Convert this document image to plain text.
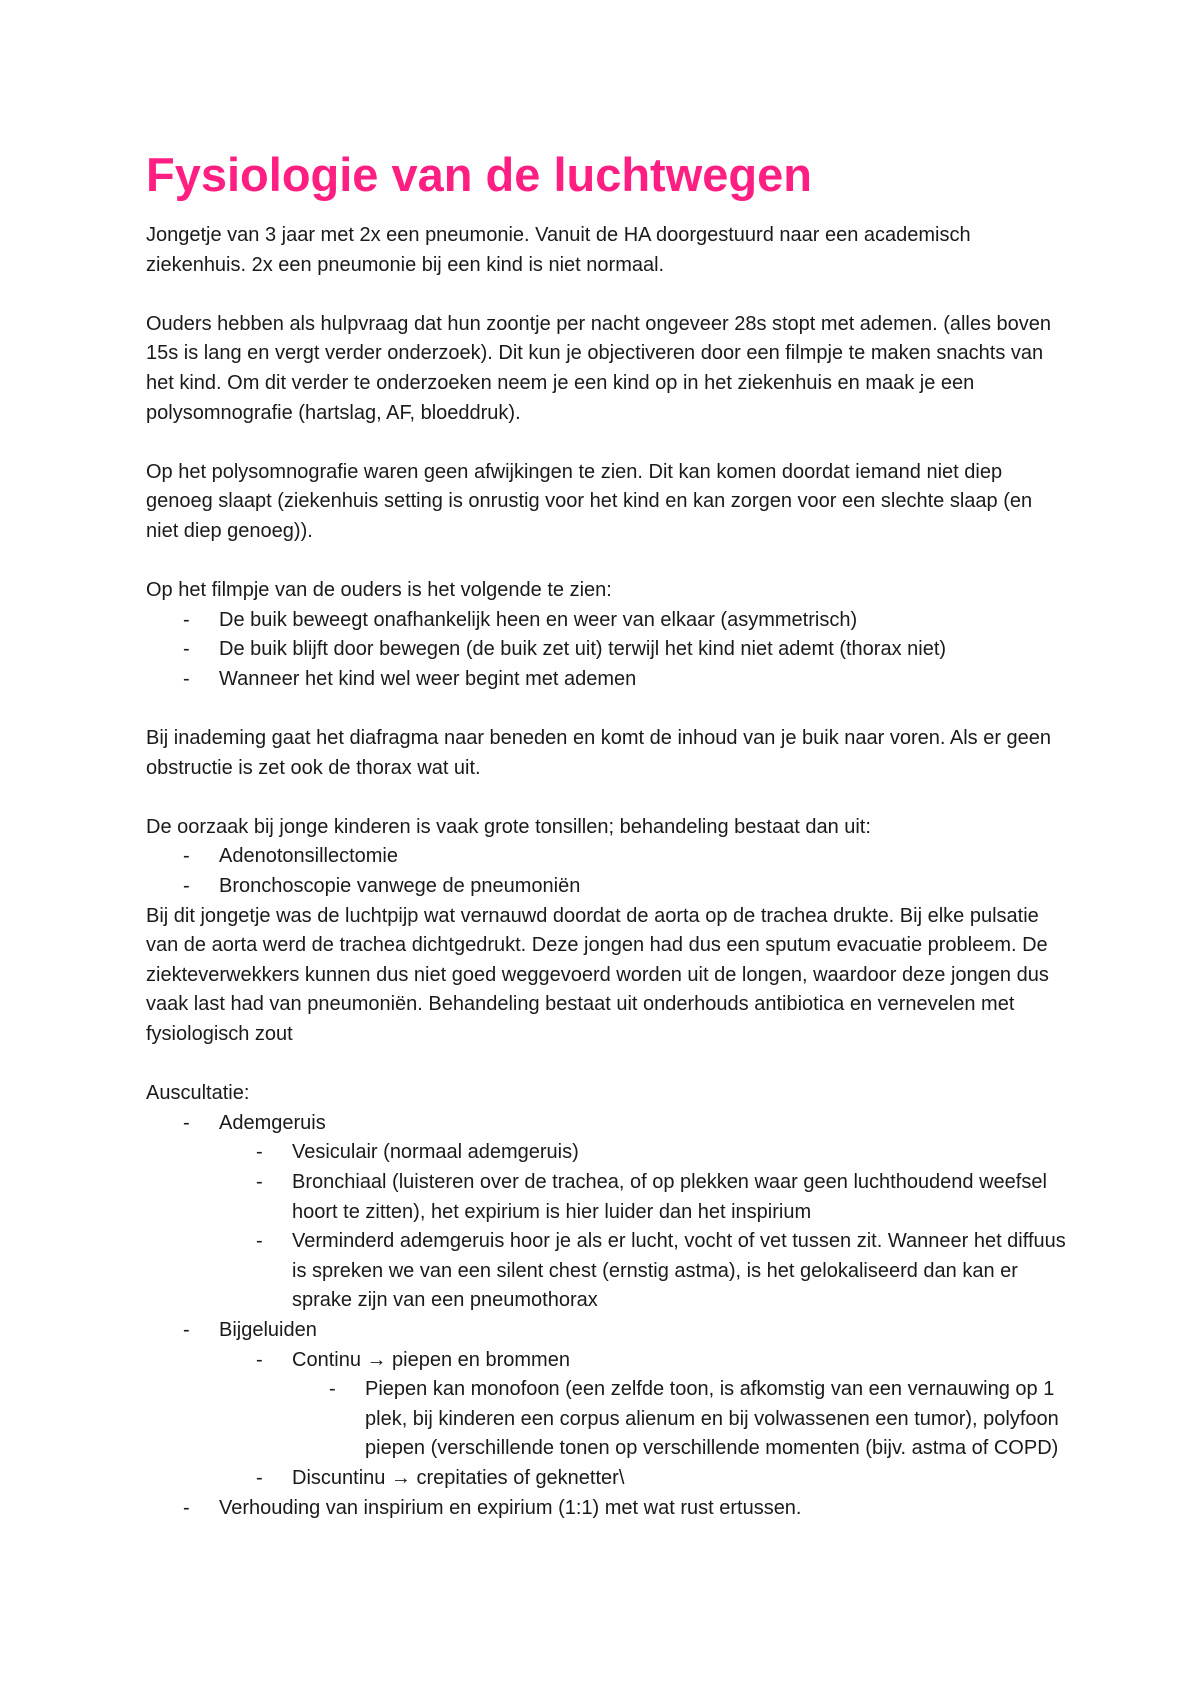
Fysiologie van de luchtwegen

Jongetje van 3 jaar met 2x een pneumonie. Vanuit de HA doorgestuurd naar een academisch ziekenhuis. 2x een pneumonie bij een kind is niet normaal.

Ouders hebben als hulpvraag dat hun zoontje per nacht ongeveer 28s stopt met ademen. (alles boven 15s is lang en vergt verder onderzoek). Dit kun je objectiveren door een filmpje te maken snachts van het kind. Om dit verder te onderzoeken neem je een kind op in het ziekenhuis en maak je een polysomnografie (hartslag, AF, bloeddruk).

Op het polysomnografie waren geen afwijkingen te zien. Dit kan komen doordat iemand niet diep genoeg slaapt (ziekenhuis setting is onrustig voor het kind en kan zorgen voor een slechte slaap (en niet diep genoeg)).

Op het filmpje van de ouders is het volgende te zien:

- De buik beweegt onafhankelijk heen en weer van elkaar (asymmetrisch)
- De buik blijft door bewegen (de buik zet uit) terwijl het kind niet ademt (thorax niet)
- Wanneer het kind wel weer begint met ademen

Bij inademing gaat het diafragma naar beneden en komt de inhoud van je buik naar voren. Als er geen obstructie is zet ook de thorax wat uit.

De oorzaak bij jonge kinderen is vaak grote tonsillen; behandeling bestaat dan uit:

- Adenotonsillectomie
- Bronchoscopie vanwege de pneumoniën

Bij dit jongetje was de luchtpijp wat vernauwd doordat de aorta op de trachea drukte. Bij elke pulsatie van de aorta werd de trachea dichtgedrukt. Deze jongen had dus een sputum evacuatie probleem. De ziekteverwekkers kunnen dus niet goed weggevoerd worden uit de longen, waardoor deze jongen dus vaak last had van pneumoniën. Behandeling bestaat uit onderhouds antibiotica en vernevelen met fysiologisch zout

Auscultatie:

- Ademgeruis
- Vesiculair (normaal ademgeruis)
- Bronchiaal (luisteren over de trachea, of op plekken waar geen luchthoudend weefsel hoort te zitten), het expirium is hier luider dan het inspirium
- Verminderd ademgeruis hoor je als er lucht, vocht of vet tussen zit. Wanneer het diffuus is spreken we van een silent chest (ernstig astma), is het gelokaliseerd dan kan er sprake zijn van een pneumothorax
- Bijgeluiden
- Continu → piepen en brommen
- Piepen kan monofoon (een zelfde toon, is afkomstig van een vernauwing op 1 plek, bij kinderen een corpus alienum en bij volwassenen een tumor), polyfoon piepen (verschillende tonen op verschillende momenten (bijv. astma of COPD)
- Discuntinu → crepitaties of geknetter\
- Verhouding van inspirium en expirium (1:1) met wat rust ertussen.
